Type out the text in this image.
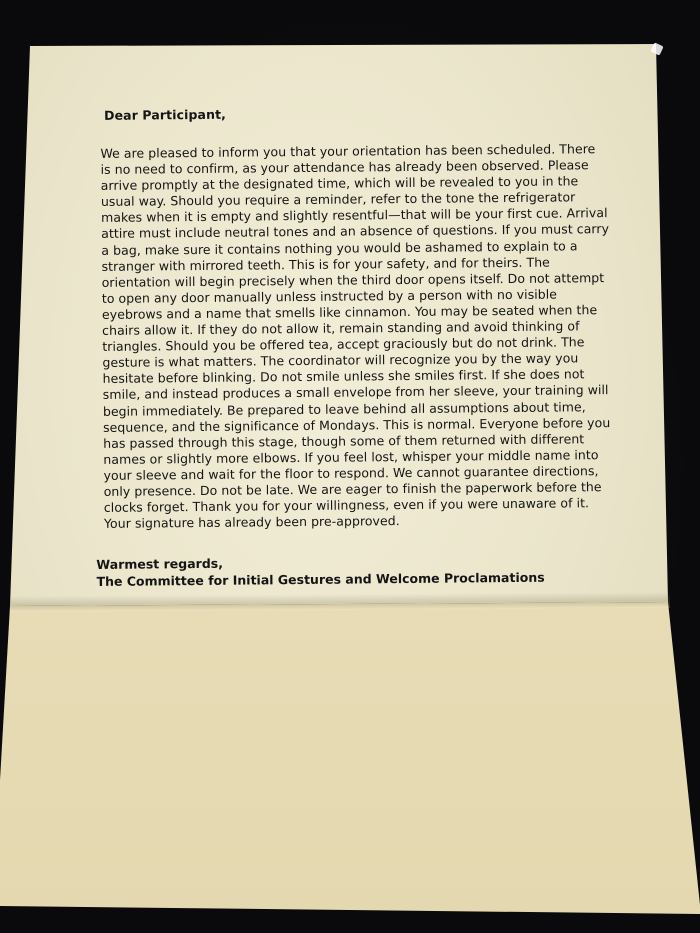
Dear Participant,
We are pleased to inform you that your orientation has been scheduled. There is no need to confirm, as your attendance has already been observed. Please arrive promptly at the designated time, which will be revealed to you in the usual way. Should you require a reminder, refer to the tone the refrigerator makes when it is empty and slightly resentful—that will be your first cue. Arrival attire must include neutral tones and an absence of questions. If you must carry a bag, make sure it contains nothing you would be ashamed to explain to a stranger with mirrored teeth. This is for your safety, and for theirs. The orientation will begin precisely when the third door opens itself. Do not attempt to open any door manually unless instructed by a person with no visible eyebrows and a name that smells like cinnamon. You may be seated when the chairs allow it. If they do not allow it, remain standing and avoid thinking of triangles. Should you be offered tea, accept graciously but do not drink. The gesture is what matters. The coordinator will recognize you by the way you hesitate before blinking. Do not smile unless she smiles first. If she does not smile, and instead produces a small envelope from her sleeve, your training will begin immediately. Be prepared to leave behind all assumptions about time, sequence, and the significance of Mondays. This is normal. Everyone before you has passed through this stage, though some of them returned with different names or slightly more elbows. If you feel lost, whisper your middle name into your sleeve and wait for the floor to respond. We cannot guarantee directions, only presence. Do not be late. We are eager to finish the paperwork before the clocks forget. Thank you for your willingness, even if you were unaware of it. Your signature has already been pre-approved.
Warmest regards,
The Committee for Initial Gestures and Welcome Proclamations
